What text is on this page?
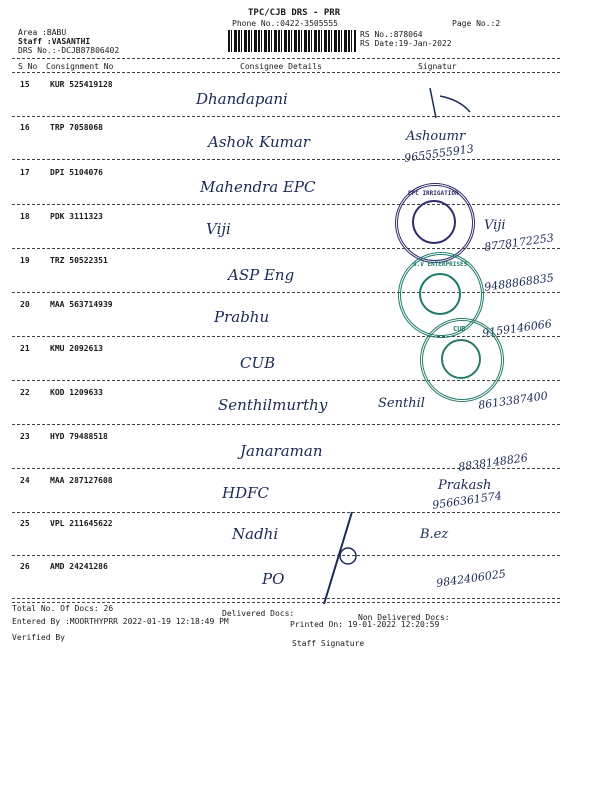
TPC/CJB DRS - PRR
Phone No.:0422-3505555	Page No.:2
Area :BABU
Staff :VASANTHI
DRS No.:-DCJB87806402
RS No.:878064
RS Date:19-Jan-2022
S No Consignment No	Consignee Details	Signatur
15	KUR 525419128
Dhandapani
16	TRP 7058068
Ashok Kumar	Ashoumr
9655555913
17	DPI 5104076
Mahendra EPC
18	PDK 3111323
Viji	Viji
8778172253
19	TRZ 50522351
ASP Eng	9488868835
20	MAA 563714939
Prabhu
9159146066
21	KMU 2092613
CUB
22	KOD 1209633
Senthilmurthy	Senthil	8613387400
23	HYD 79488518
Janaraman
8838148826
24	MAA 287127608
HDFC	Prakash
9566361574
25	VPL 211645622
Nadhi	B.ez
26	AMD 24241286
PO	9842406025
EPC IRRIGATION
S.V ENTERPRISES
CUB
Total No. Of Docs: 26
Delivered Docs:	Non Delivered Docs:
Entered By :MOORTHYPRR 2022-01-19 12:18:49 PM	Printed On: 19-01-2022 12:20:59
Verified By
Staff Signature
